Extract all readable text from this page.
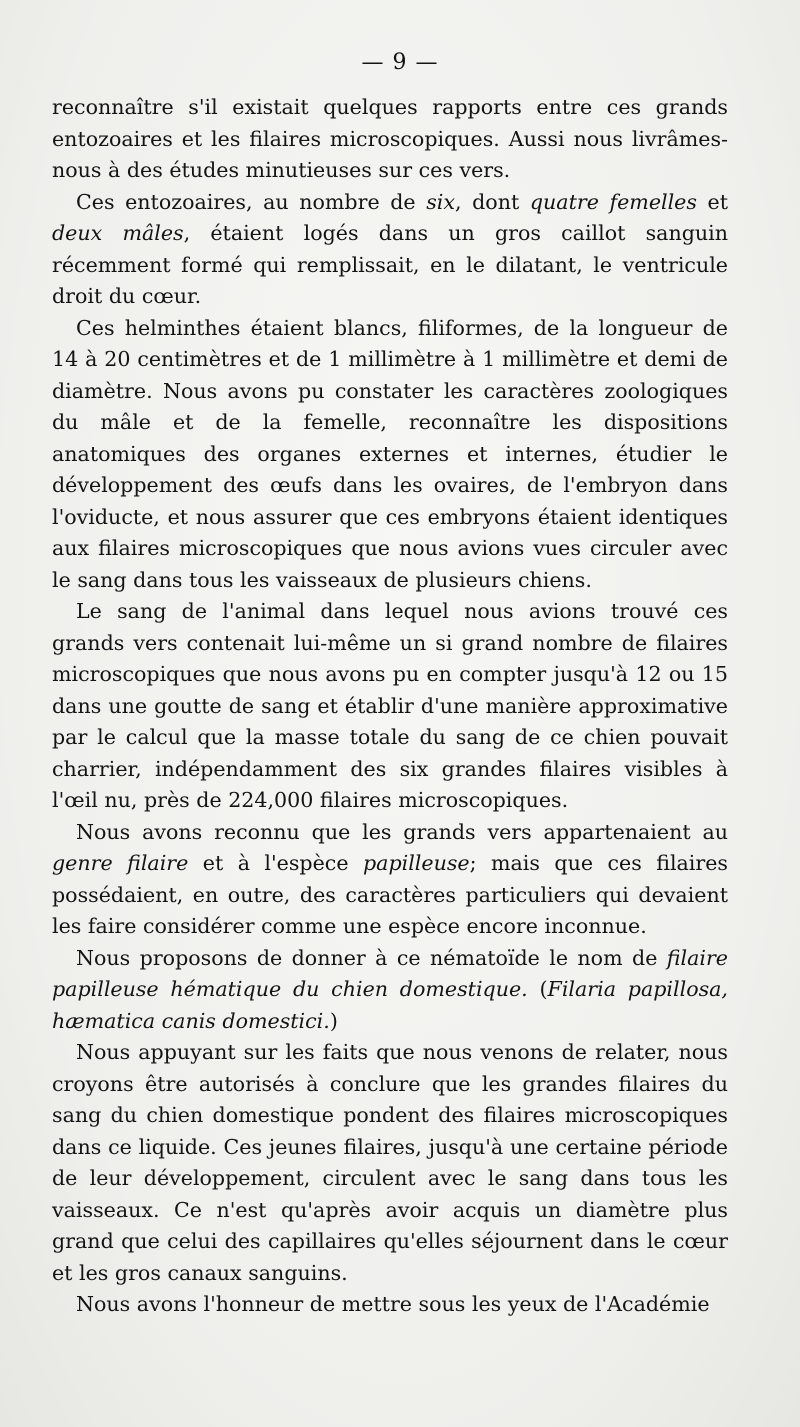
— 9 —

reconnaître s'il existait quelques rapports entre ces grands entozoaires et les filaires microscopiques. Aussi nous livrâmes-nous à des études minutieuses sur ces vers.

Ces entozoaires, au nombre de six, dont quatre femelles et deux mâles, étaient logés dans un gros caillot sanguin récemment formé qui remplissait, en le dilatant, le ventricule droit du cœur.

Ces helminthes étaient blancs, filiformes, de la longueur de 14 à 20 centimètres et de 1 millimètre à 1 millimètre et demi de diamètre. Nous avons pu constater les caractères zoologiques du mâle et de la femelle, reconnaître les dispositions anatomiques des organes externes et internes, étudier le développement des œufs dans les ovaires, de l'embryon dans l'oviducte, et nous assurer que ces embryons étaient identiques aux filaires microscopiques que nous avions vues circuler avec le sang dans tous les vaisseaux de plusieurs chiens.

Le sang de l'animal dans lequel nous avions trouvé ces grands vers contenait lui-même un si grand nombre de filaires microscopiques que nous avons pu en compter jusqu'à 12 ou 15 dans une goutte de sang et établir d'une manière approximative par le calcul que la masse totale du sang de ce chien pouvait charrier, indépendamment des six grandes filaires visibles à l'œil nu, près de 224,000 filaires microscopiques.

Nous avons reconnu que les grands vers appartenaient au genre filaire et à l'espèce papilleuse; mais que ces filaires possédaient, en outre, des caractères particuliers qui devaient les faire considérer comme une espèce encore inconnue.

Nous proposons de donner à ce nématoïde le nom de filaire papilleuse hématique du chien domestique. (Filaria papillosa, hæmatica canis domestici.)

Nous appuyant sur les faits que nous venons de relater, nous croyons être autorisés à conclure que les grandes filaires du sang du chien domestique pondent des filaires microscopiques dans ce liquide. Ces jeunes filaires, jusqu'à une certaine période de leur développement, circulent avec le sang dans tous les vaisseaux. Ce n'est qu'après avoir acquis un diamètre plus grand que celui des capillaires qu'elles séjournent dans le cœur et les gros canaux sanguins.

Nous avons l'honneur de mettre sous les yeux de l'Académie
